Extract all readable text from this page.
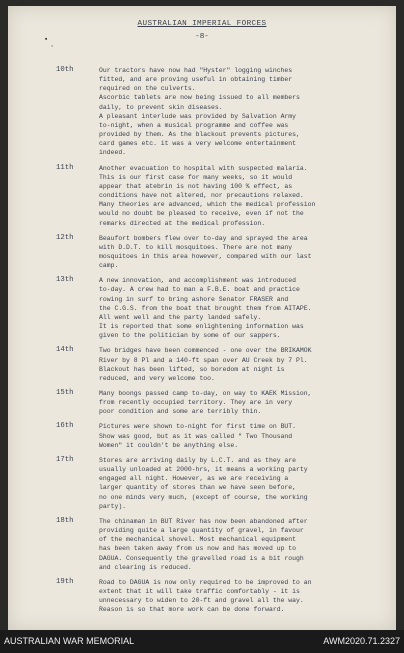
AUSTRALIAN IMPERIAL FORCES
-8-
▪
·
10th	Our tractors have now had "Hyster" logging winches
fitted, and are proving useful in obtaining timber
required on the culverts.
Ascorbic tablets are now being issued to all members
daily, to prevent skin diseases.
A pleasant interlude was provided by Salvation Army
to-night, when a musical programme and coffee was
provided by them. As the blackout prevents pictures,
card games etc. it was a very welcome entertainment
indeed.
11th	Another evacuation to hospital with suspected malaria.
This is our first case for many weeks, so it would
appear that atebrin is not having 100 % effect, as
conditions have not altered, nor precautions relaxed.
Many theories are advanced, which the medical profession
would no doubt be pleased to receive, even if not the
remarks directed at the medical profession.
12th	Beaufort bombers flew over to-day and sprayed the area
with D.D.T. to kill mosquitoes. There are not many
mosquitoes in this area however, compared with our last
camp.
13th	A new innovation, and accomplishment was introduced
to-day. A crew had to man a F.B.E. boat and practice
rowing in surf to bring ashore Senator FRASER and
the C.G.S. from the boat that brought them from AITAPE.
All went well and the party landed safely.
It is reported that some enlightening information was
given to the politician by some of our sappers.
14th	Two bridges have been commenced - one over the BRIKAMOK
River by 8 Pl and a 140-ft span over AU Creek by 7 Pl.
Blackout has been lifted, so boredom at night is
reduced, and very welcome too.
15th	Many boongs passed camp to-day, on way to KAEK Mission,
from recently occupied territory. They are in very
poor condition and some are terribly thin.
16th	Pictures were shown to-night for first time on BUT.
Show was good, but as it was called " Two Thousand
Women" it couldn't be anything else.
17th	Stores are arriving daily by L.C.T. and as they are
usually unloaded at 2000-hrs, it means a working party
engaged all night. However, as we are receiving a
larger quantity of stores than we have seen before,
no one minds very much, (except of course, the working
party).
18th	The chinaman in BUT River has now been abandoned after
providing quite a large quantity of gravel, in favour
of the mechanical shovel. Most mechanical equipment
has been taken away from us now and has moved up to
DAGUA. Consequently the gravelled road is a bit rough
and clearing is reduced.
19th	Road to DAGUA is now only required to be improved to an
extent that it will take traffic comfortably - it is
unnecessary to widen to 20-ft and gravel all the way.
Reason is so that more work can be done forward.
AUSTRALIAN WAR MEMORIAL	AWM2020.71.2327
